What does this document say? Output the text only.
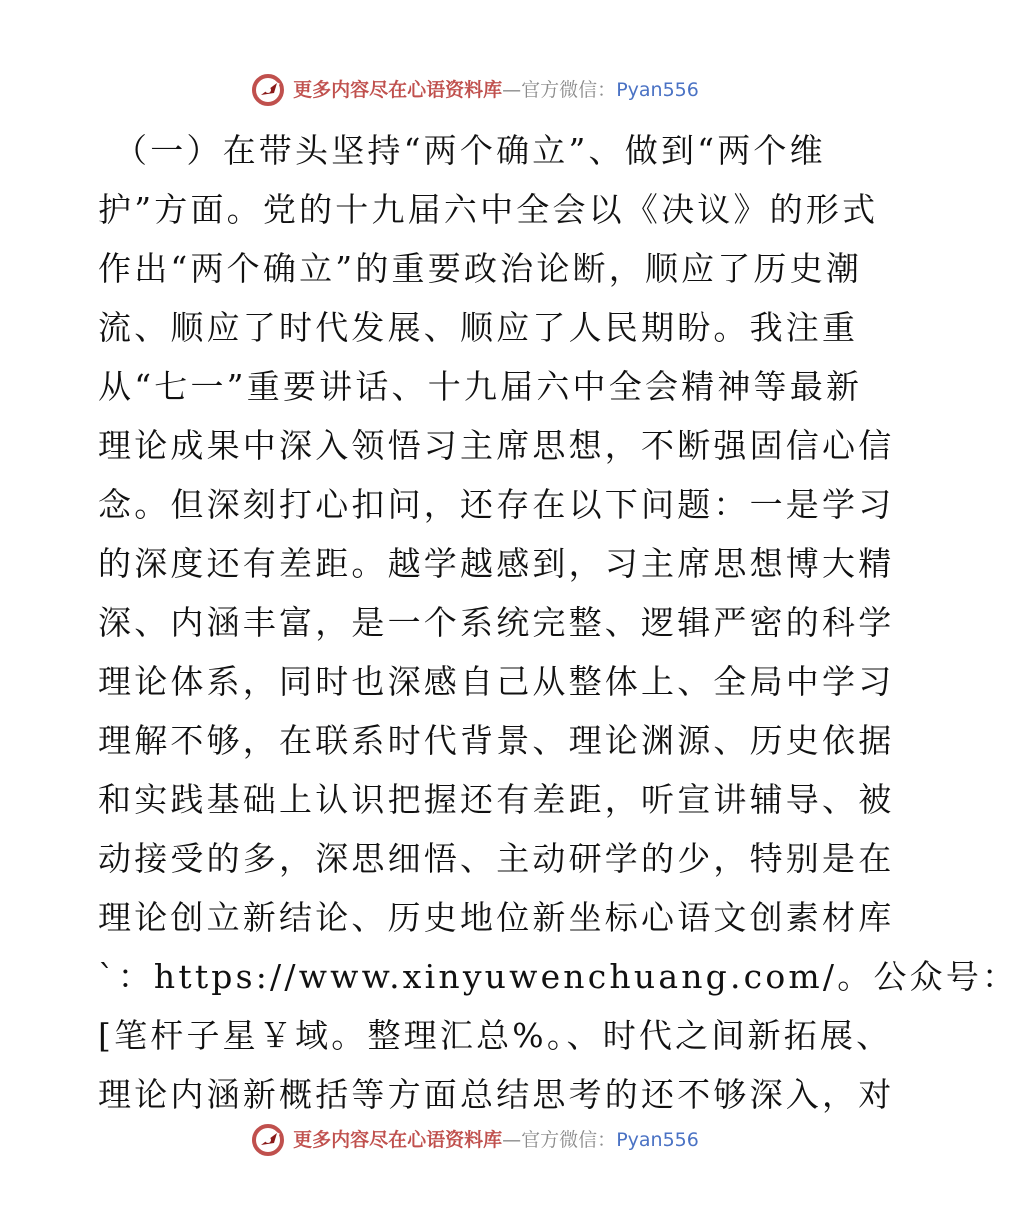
更多内容尽在心语资料库—官方微信：Pyan556
（一）在带头坚持“两个确立”、做到“两个维
护”方面。党的十九届六中全会以《决议》的形式
作出“两个确立”的重要政治论断，顺应了历史潮
流、顺应了时代发展、顺应了人民期盼。我注重
从“七一”重要讲话、十九届六中全会精神等最新
理论成果中深入领悟习主席思想，不断强固信心信
念。但深刻打心扣问，还存在以下问题：一是学习
的深度还有差距。越学越感到，习主席思想博大精
深、内涵丰富，是一个系统完整、逻辑严密的科学
理论体系，同时也深感自己从整体上、全局中学习
理解不够，在联系时代背景、理论渊源、历史依据
和实践基础上认识把握还有差距，听宣讲辅导、被
动接受的多，深思细悟、主动研学的少，特别是在
理论创立新结论、历史地位新坐标心语文创素材库
`：https://www.xinyuwenchuang.com/。公众号：
[笔杆子星￥域。整理汇总%。、时代之间新拓展、
理论内涵新概括等方面总结思考的还不够深入，对
更多内容尽在心语资料库—官方微信：Pyan556
